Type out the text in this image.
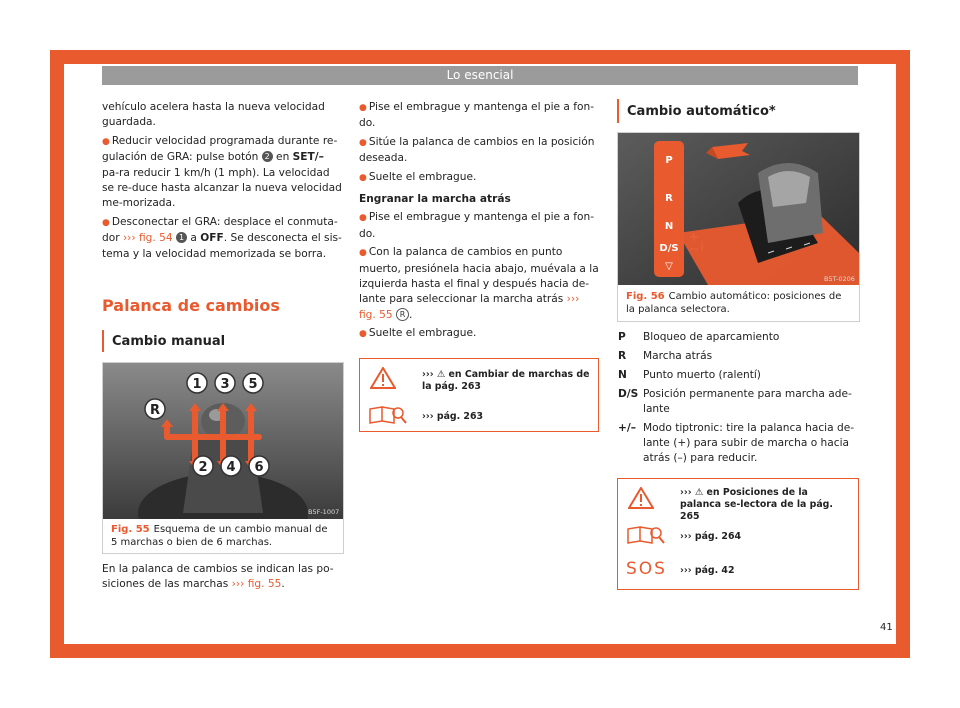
Lo esencial

vehículo acelera hasta la nueva velocidad guardada.

● Reducir velocidad programada durante re-gulación de GRA: pulse botón 2 en SET/– pa-ra reducir 1 km/h (1 mph). La velocidad se re-duce hasta alcanzar la nueva velocidad me-morizada.

● Desconectar el GRA: desplace el conmuta-dor ››› fig. 54 1 a OFF. Se desconecta el sis-tema y la velocidad memorizada se borra.

Palanca de cambios
Cambio manual
1 3 5
R
2 4 6
B5F-1007
Fig. 55 Esquema de un cambio manual de 5 marchas o bien de 6 marchas.

En la palanca de cambios se indican las po-siciones de las marchas ››› fig. 55.

● Pise el embrague y mantenga el pie a fon-do.

● Sitúe la palanca de cambios en la posición deseada.

● Suelte el embrague.

Engranar la marcha atrás

● Pise el embrague y mantenga el pie a fon-do.

● Con la palanca de cambios en punto muerto, presiónela hacia abajo, muévala a la izquierda hasta el final y después hacia de-lante para seleccionar la marcha atrás ››› fig. 55 R .

● Suelte el embrague.

››› ⚠ en Cambiar de marchas de la pág. 263
››› pág. 263
Cambio automático*
P
R
N
D/S
▽
B5T-0206
Fig. 56 Cambio automático: posiciones de la palanca selectora.
P Bloqueo de aparcamiento
R Marcha atrás
N Punto muerto (ralentí)
D/S Posición permanente para marcha ade-lante
+/– Modo tiptronic: tire la palanca hacia de-lante (+) para subir de marcha o hacia atrás (–) para reducir.
SOS
››› ⚠ en Posiciones de la palanca se-lectora de la pág. 265
››› pág. 264
››› pág. 42
41
